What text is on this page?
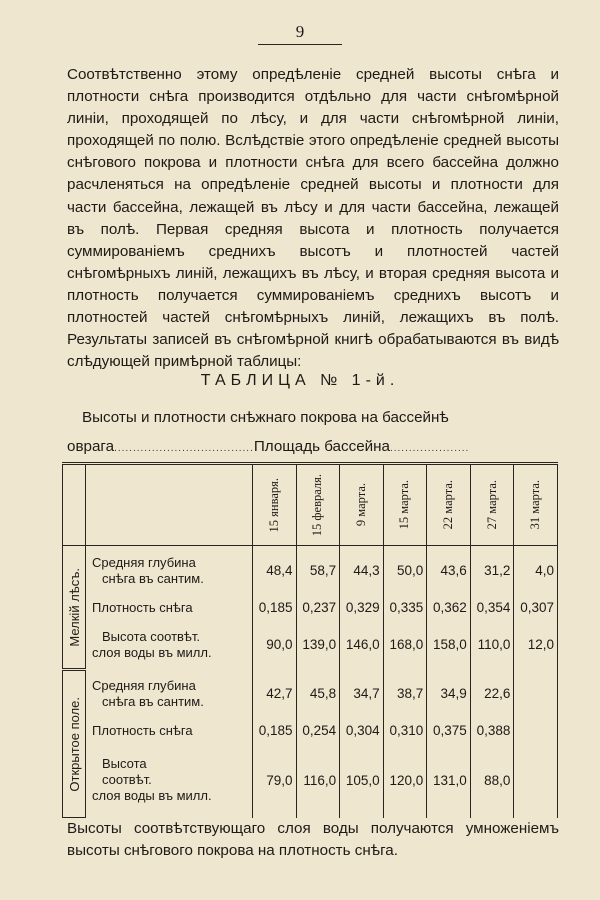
9

Соотвѣтственно этому опредѣленіе средней высоты снѣга и плотности снѣга производится отдѣльно для части снѣгомѣрной линіи, проходящей по лѣсу, и для части снѣгомѣрной линіи, проходящей по полю. Вслѣдствіе этого опредѣленіе средней высоты снѣгового покрова и плотности снѣга для всего бассейна должно расчленяться на опредѣленіе средней высоты и плотности для части бассейна, лежащей въ лѣсу и для части бассейна, лежащей въ полѣ. Первая средняя высота и плотность получается суммированіемъ среднихъ высотъ и плотностей частей снѣгомѣрныхъ линій, лежащихъ въ лѣсу, и вторая средняя высота и плотность получается суммированіемъ среднихъ высотъ и плотностей частей снѣгомѣрныхъ линій, лежащихъ въ полѣ. Результаты записей въ снѣгомѣрной книгѣ обрабатываются въ видѣ слѣдующей примѣрной таблицы:

ТАБЛИЦА № 1-й.
Высоты и плотности снѣжнаго покрова на бассейнѣ
оврага.....................................Площадь бассейна.....................

		15 января.	15 февраля.	9 марта.	15 марта.	22 марта.	27 марта.	31 марта.

Мелкій лѣсъ.	Средняя глубина
снѣга въ сантим.	48,4	58,7	44,3	50,0	43,6	31,2	4,0
	Плотность снѣга	0,185	0,237	0,329	0,335	0,362	0,354	0,307

	Высота соотвѣт.
слоя воды въ милл.	90,0	139,0	146,0	168,0	158,0	110,0	12,0

Открытое поле.	Средняя глубина
снѣга въ сантим.	42,7	45,8	34,7	38,7	34,9	22,6	
	Плотность снѣга	0,185	0,254	0,304	0,310	0,375	0,388	

	Высота
соотвѣт.
слоя воды въ милл.	79,0	116,0	105,0	120,0	131,0	88,0	

Высоты соотвѣтствующаго слоя воды получаются умноженіемъ высоты снѣгового покрова на плотность снѣга.
